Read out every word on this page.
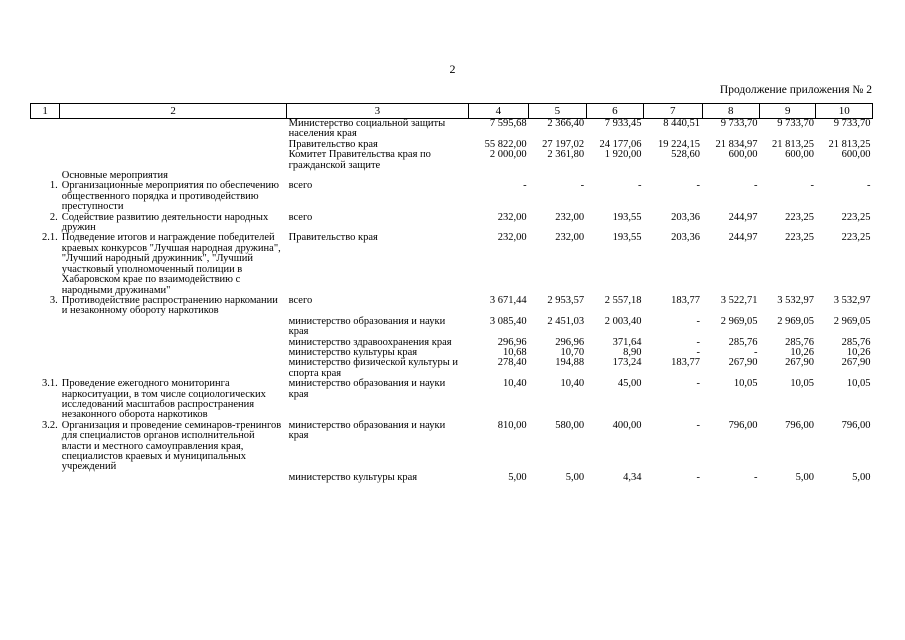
2
Продолжение приложения № 2
1	2	3	4	5	6	7	8	9	10
		Министерство социальной защиты населения края	7 595,68	2 366,40	7 933,45	8 440,51	9 733,70	9 733,70	9 733,70
		Правительство края	55 822,00	27 197,02	24 177,06	19 224,15	21 834,97	21 813,25	21 813,25
		Комитет Правительства края по гражданской защите	2 000,00	2 361,80	1 920,00	528,60	600,00	600,00	600,00
	Основные мероприятия								
1.	Организационные мероприятия по обеспечению общественного порядка и противодействию преступности	всего	-	-	-	-	-	-	-
2.	Содействие развитию деятельности народных дружин	всего	232,00	232,00	193,55	203,36	244,97	223,25	223,25
2.1.	Подведение итогов и награждение победителей краевых конкурсов "Лучшая народная дружина", "Лучший народный дружинник", "Лучший участковый уполномоченный полиции в Хабаровском крае по взаимодействию с народными дружинами"	Правительство края	232,00	232,00	193,55	203,36	244,97	223,25	223,25
3.	Противодействие распространению наркомании и незаконному обороту наркотиков	всего	3 671,44	2 953,57	2 557,18	183,77	3 522,71	3 532,97	3 532,97
		министерство образования и науки края	3 085,40	2 451,03	2 003,40	-	2 969,05	2 969,05	2 969,05
		министерство здравоохранения края	296,96	296,96	371,64	-	285,76	285,76	285,76
		министерство культуры края	10,68	10,70	8,90	-	-	10,26	10,26
		министерство физической культуры и спорта края	278,40	194,88	173,24	183,77	267,90	267,90	267,90
3.1.	Проведение ежегодного мониторинга наркоситуации, в том числе социологических исследований масштабов распространения незаконного оборота наркотиков	министерство образования и науки края	10,40	10,40	45,00	-	10,05	10,05	10,05
3.2.	Организация и проведение семинаров-тренингов для специалистов органов исполнительной власти и местного самоуправления края, специалистов краевых и муниципальных учреждений	министерство образования и науки края	810,00	580,00	400,00	-	796,00	796,00	796,00
		министерство культуры края	5,00	5,00	4,34	-	-	5,00	5,00
